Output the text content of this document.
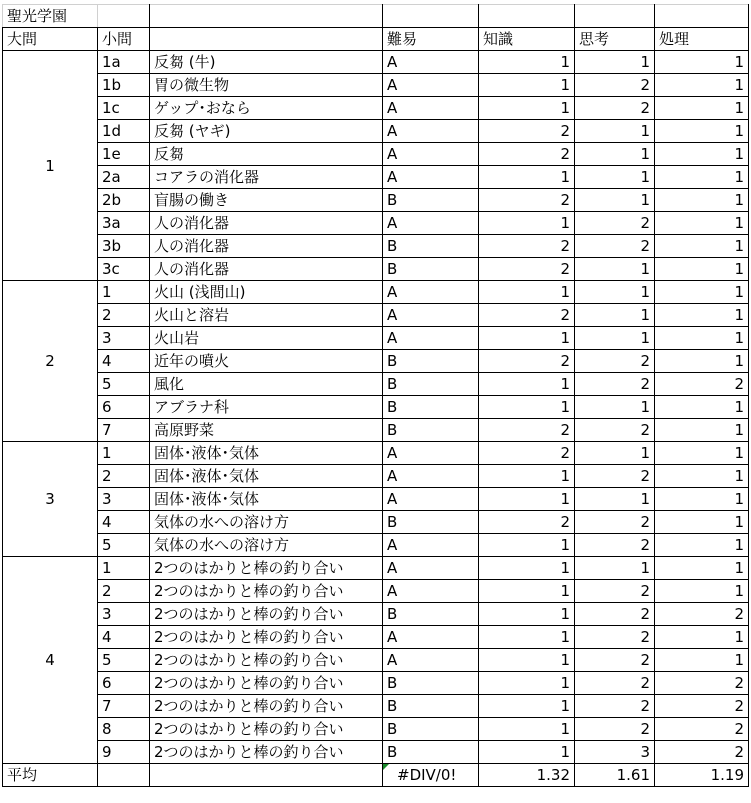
聖光学園						
大問	小問		難易	知識	思考	処理
1	1a	反芻 (牛)	A	1	1	1
	1b	胃の微生物	A	1	2	1
	1c	ゲップ･おなら	A	1	2	1
	1d	反芻 (ヤギ)	A	2	1	1
	1e	反芻	A	2	1	1
	2a	コアラの消化器	A	1	1	1
	2b	盲腸の働き	B	2	1	1
	3a	人の消化器	A	1	2	1
	3b	人の消化器	B	2	2	1
	3c	人の消化器	B	2	1	1
2	1	火山 (浅間山)	A	1	1	1
	2	火山と溶岩	A	2	1	1
	3	火山岩	A	1	1	1
	4	近年の噴火	B	2	2	1
	5	風化	B	1	2	2
	6	アブラナ科	B	1	1	1
	7	高原野菜	B	2	2	1
3	1	固体･液体･気体	A	2	1	1
	2	固体･液体･気体	A	1	2	1
	3	固体･液体･気体	A	1	1	1
	4	気体の水への溶け方	B	2	2	1
	5	気体の水への溶け方	A	1	2	1
4	1	2つのはかりと棒の釣り合い	A	1	1	1
	2	2つのはかりと棒の釣り合い	A	1	2	1
	3	2つのはかりと棒の釣り合い	B	1	2	2
	4	2つのはかりと棒の釣り合い	A	1	2	1
	5	2つのはかりと棒の釣り合い	A	1	2	1
	6	2つのはかりと棒の釣り合い	B	1	2	2
	7	2つのはかりと棒の釣り合い	B	1	2	2
	8	2つのはかりと棒の釣り合い	B	1	2	2
	9	2つのはかりと棒の釣り合い	B	1	3	2
平均			#DIV/0!	1.32	1.61	1.19
